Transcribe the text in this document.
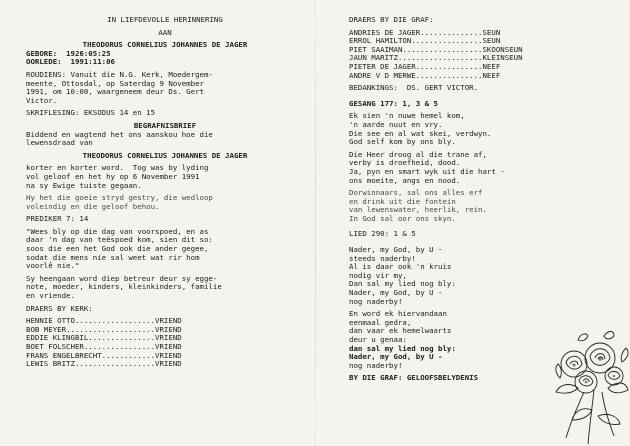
IN LIEFDEVOLLE HERINNERING
AAN
THEODORUS CORNELIUS JOHANNES DE JAGER
GEBORE:  1926:05:25
OORLEDE:  1991:11:06
ROUDIENS: Vanuit die N.G. Kerk, Moedergem-
meente, Ottosdal, op Saterdag 9 November
1991, om 10:00, waargeneem deur Ds. Gert
Victor.
SKRIFLESING: EKSODUS 14 en 15
BEGRAFNISBRIEF
Biddend en wagtend het ons aanskou hoe die
lewensdraad van
THEODORUS CORNELIUS JOHANNES DE JAGER
korter en korter word.  Tog was by lyding
vol geloof en het hy op 6 November 1991
na sy Ewige tuiste gegaan.
Hy het die goeie stryd gestry, die wedloop
voleindig en die geloof behou.
PREDIKER 7: 14
"Wees bly op die dag van voorspoed, en as
daar 'n dag van teëspoed kom, sien dit so:
soos die een het God ook die ander gegee,
sodat die mens nie sal weet wat rir hom
voorlê nie."
Sy heengaan word diep betreur deur sy egge-
note, moeder, kinders, kleinkinders, familie
en vriende.
DRAERS BY KERK:
HENNIE OTTO..................VRIEND
BOB MEYER....................VRIEND
EDDIE KLINGBIL...............VRIEND
BOET FOLSCHER................VRIEND
FRANS ENGELBRECHT............VRIEND
LEWIS BRITZ..................VRIEND
DRAERS BY DIE GRAF:
ANDRIES DE JAGER..............SEUN
ERROL HAMILTON................SEUN
PIET SAAIMAN..................SKOONSEUN
JAUN MARITZ...................KLEINSEUN
PIETER DE JAGER...............NEEF
ANDRE V D MERWE...............NEEF
BEDANKINGS:  DS. GERT VICTOR.
GESANG 177: 1, 3 & 5
Ek sien 'n nuwe hemel kom,
'n aarde nuut en vry.
Die see en al wat skei, verdwyn.
God self kom by ons bly.
Die Heer droog al die trane af,
verby is droefheid, dood.
Ja, pyn en smart wyk uit die hart -
ons moeite, angs en nood.
Dorwinnaars, sal ons alles erf
en drink uit die fontein
van lewenswater, heerlik, rein.
In God sal oor ons skyn.
LIED 290: 1 & 5
Nader, my God, by U -
steeds naderby!
Al is daar ook 'n kruis
nodig vir my,
Dan sal my lied nog bly:
Nader, my God, by U -
nog naderby!
En word ek hiervandaan
eenmaal gedra,
dan vaar ek hemelwaarts
deur u genaa:
dan sal my lied nog bly:
Nader, my God, by U -
nog naderby!
BY DIE GRAF: GELOOFSBELYDENIS
